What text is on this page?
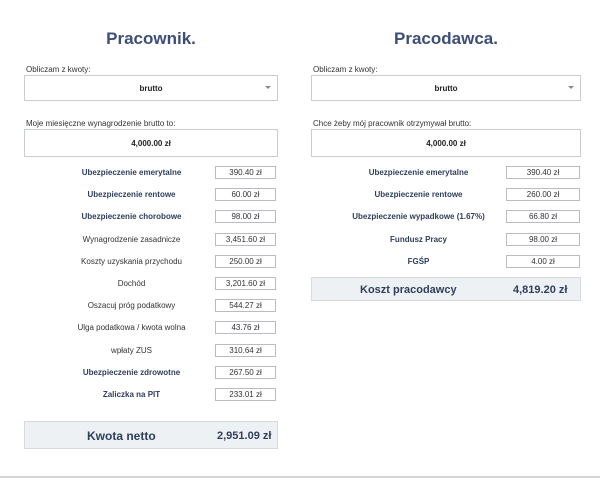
Pracownik.
Obliczam z kwoty:
brutto
Moje miesięczne wynagrodzenie brutto to:
4,000.00 zł
Ubezpieczenie emerytalne	390.40 zł
Ubezpieczenie rentowe	60.00 zł
Ubezpieczenie chorobowe	98.00 zł
Wynagrodzenie zasadnicze	3,451.60 zł
Koszty uzyskania przychodu	250.00 zł
Dochód	3,201.60 zł
Oszacuj próg podatkowy	544.27 zł
Ulga podatkowa / kwota wolna	43.76 zł
wpłaty ZUS	310.64 zł
Ubezpieczenie zdrowotne	267.50 zł
Zaliczka na PIT	233.01 zł
Kwota netto	2,951.09 zł
Pracodawca.
Obliczam z kwoty:
brutto
Chce żeby mój pracownik otrzymywał brutto:
4,000.00 zł
Ubezpieczenie emerytalne	390.40 zł
Ubezpieczenie rentowe	260.00 zł
Ubezpieczenie wypadkowe (1.67%)	66.80 zł
Fundusz Pracy	98.00 zł
FGŚP	4.00 zł
Koszt pracodawcy	4,819.20 zł
